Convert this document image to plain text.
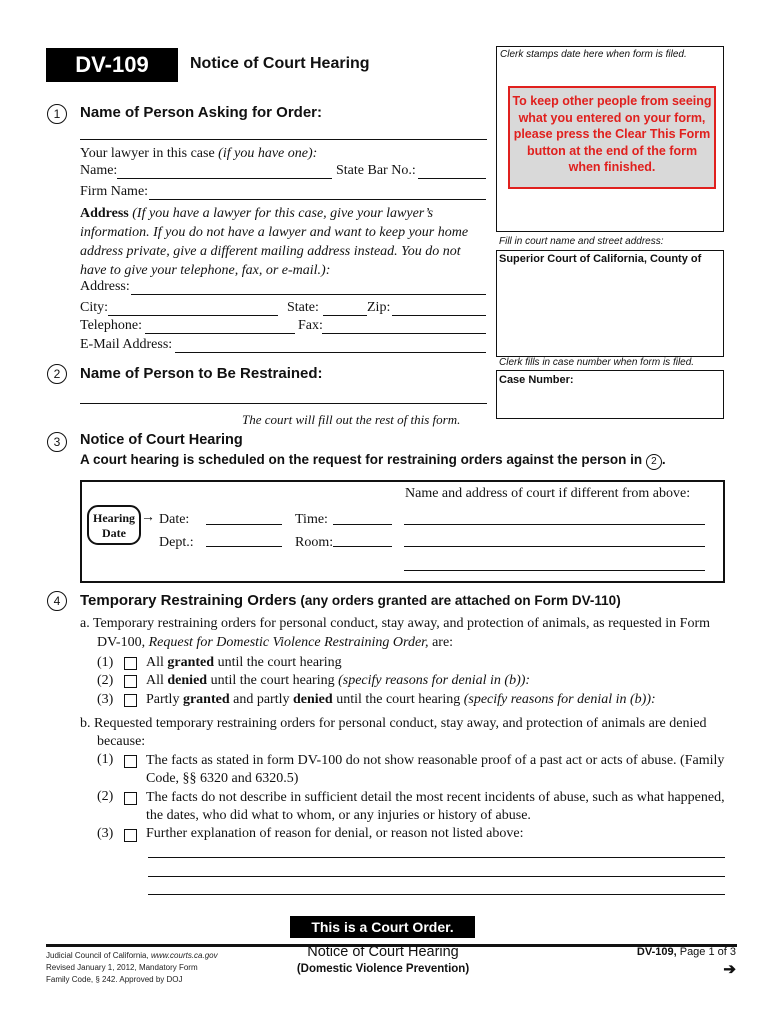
DV-109	Notice of Court Hearing
Clerk stamps date here when form is filed.
To keep other people from seeing what you entered on your form, please press the Clear This Form button at the end of the form when finished.
Fill in court name and street address:
Superior Court of California, County of
Clerk fills in case number when form is filed.
Case Number:
1	Name of Person Asking for Order:
Your lawyer in this case (if you have one):
Name:	State Bar No.:
Firm Name:
Address (If you have a lawyer for this case, give your lawyer’s
information. If you do not have a lawyer and want to keep your home
address private, give a different mailing address instead. You do not
have to give your telephone, fax, or e-mail.):
Address:
City:	State:	Zip:
Telephone:	Fax:
E-Mail Address:
2	Name of Person to Be Restrained:
The court will fill out the rest of this form.
3	Notice of Court Hearing
A court hearing is scheduled on the request for restraining orders against the person in 2 .
Hearing
Date
→ Date:	Time:
Dept.:	Room:
Name and address of court if different from above:
4	Temporary Restraining Orders (any orders granted are attached on Form DV-110)
a. Temporary restraining orders for personal conduct, stay away, and protection of animals, as requested in Form
DV-100, Request for Domestic Violence Restraining Order, are:
(1) All granted until the court hearing
(2) All denied until the court hearing (specify reasons for denial in (b)):
(3) Partly granted and partly denied until the court hearing (specify reasons for denial in (b)):
b. Requested temporary restraining orders for personal conduct, stay away, and protection of animals are denied
because:
(1) The facts as stated in form DV-100 do not show reasonable proof of a past act or acts of abuse. (Family
Code, §§ 6320 and 6320.5)
(2) The facts do not describe in sufficient detail the most recent incidents of abuse, such as what happened,
the dates, who did what to whom, or any injuries or history of abuse.
(3) Further explanation of reason for denial, or reason not listed above:
This is a Court Order.
Judicial Council of California, www.courts.ca.gov
Revised January 1, 2012, Mandatory Form
Family Code, § 242. Approved by DOJ
Notice of Court Hearing
(Domestic Violence Prevention)
DV-109, Page 1 of 3
➔
